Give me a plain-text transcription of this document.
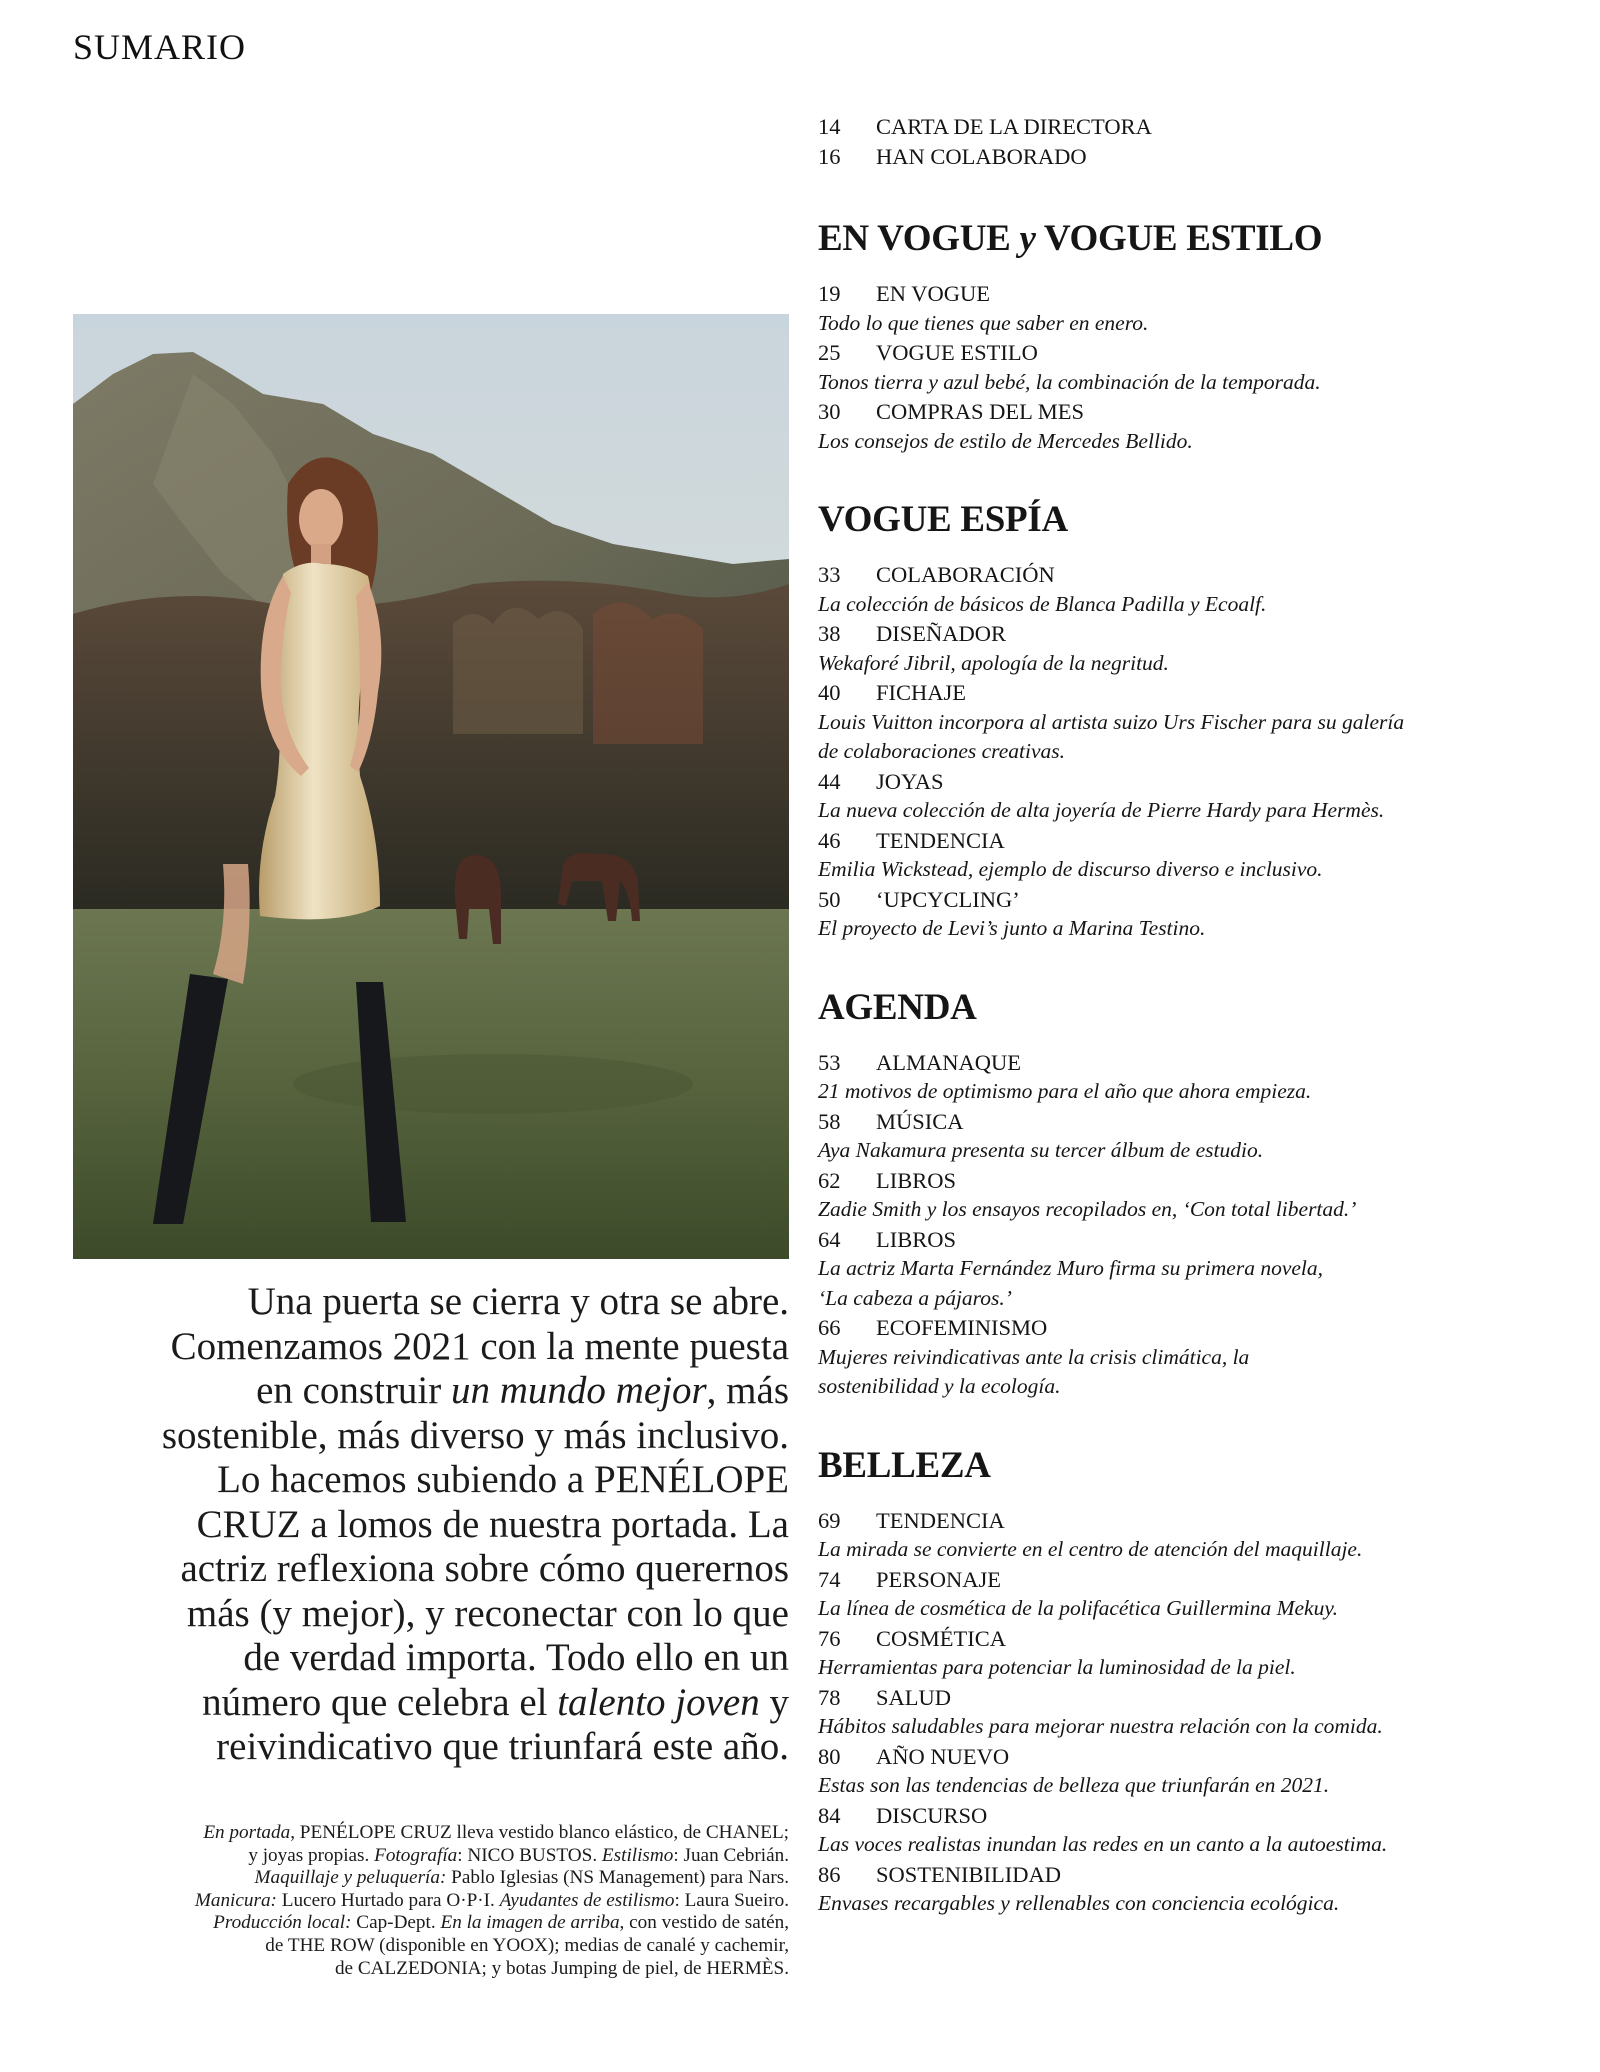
SUMARIO
Una puerta se cierra y otra se abre.
Comenzamos 2021 con la mente puesta
en construir un mundo mejor, más
sostenible, más diverso y más inclusivo.
Lo hacemos subiendo a PENÉLOPE
CRUZ a lomos de nuestra portada. La
actriz reflexiona sobre cómo querernos
más (y mejor), y reconectar con lo que
de verdad importa. Todo ello en un
número que celebra el talento joven y
reivindicativo que triunfará este año.
En portada, PENÉLOPE CRUZ lleva vestido blanco elástico, de CHANEL;
y joyas propias. Fotografía: NICO BUSTOS. Estilismo: Juan Cebrián.
Maquillaje y peluquería: Pablo Iglesias (NS Management) para Nars.
Manicura: Lucero Hurtado para O·P·I. Ayudantes de estilismo: Laura Sueiro.
Producción local: Cap-Dept. En la imagen de arriba, con vestido de satén,
de THE ROW (disponible en YOOX); medias de canalé y cachemir,
de CALZEDONIA; y botas Jumping de piel, de HERMÈS.
14 CARTA DE LA DIRECTORA
16 HAN COLABORADO
EN VOGUE y VOGUE ESTILO
19 EN VOGUE
Todo lo que tienes que saber en enero.
25 VOGUE ESTILO
Tonos tierra y azul bebé, la combinación de la temporada.
30 COMPRAS DEL MES
Los consejos de estilo de Mercedes Bellido.
VOGUE ESPÍA
33 COLABORACIÓN
La colección de básicos de Blanca Padilla y Ecoalf.
38 DISEÑADOR
Wekaforé Jibril, apología de la negritud.
40 FICHAJE
Louis Vuitton incorpora al artista suizo Urs Fischer para su galería
de colaboraciones creativas.
44 JOYAS
La nueva colección de alta joyería de Pierre Hardy para Hermès.
46 TENDENCIA
Emilia Wickstead, ejemplo de discurso diverso e inclusivo.
50 ‘UPCYCLING’
El proyecto de Levi’s junto a Marina Testino.
AGENDA
53 ALMANAQUE
21 motivos de optimismo para el año que ahora empieza.
58 MÚSICA
Aya Nakamura presenta su tercer álbum de estudio.
62 LIBROS
Zadie Smith y los ensayos recopilados en, ‘Con total libertad.’
64 LIBROS
La actriz Marta Fernández Muro firma su primera novela,
‘La cabeza a pájaros.’
66 ECOFEMINISMO
Mujeres reivindicativas ante la crisis climática, la
sostenibilidad y la ecología.
BELLEZA
69 TENDENCIA
La mirada se convierte en el centro de atención del maquillaje.
74 PERSONAJE
La línea de cosmética de la polifacética Guillermina Mekuy.
76 COSMÉTICA
Herramientas para potenciar la luminosidad de la piel.
78 SALUD
Hábitos saludables para mejorar nuestra relación con la comida.
80 AÑO NUEVO
Estas son las tendencias de belleza que triunfarán en 2021.
84 DISCURSO
Las voces realistas inundan las redes en un canto a la autoestima.
86 SOSTENIBILIDAD
Envases recargables y rellenables con conciencia ecológica.
